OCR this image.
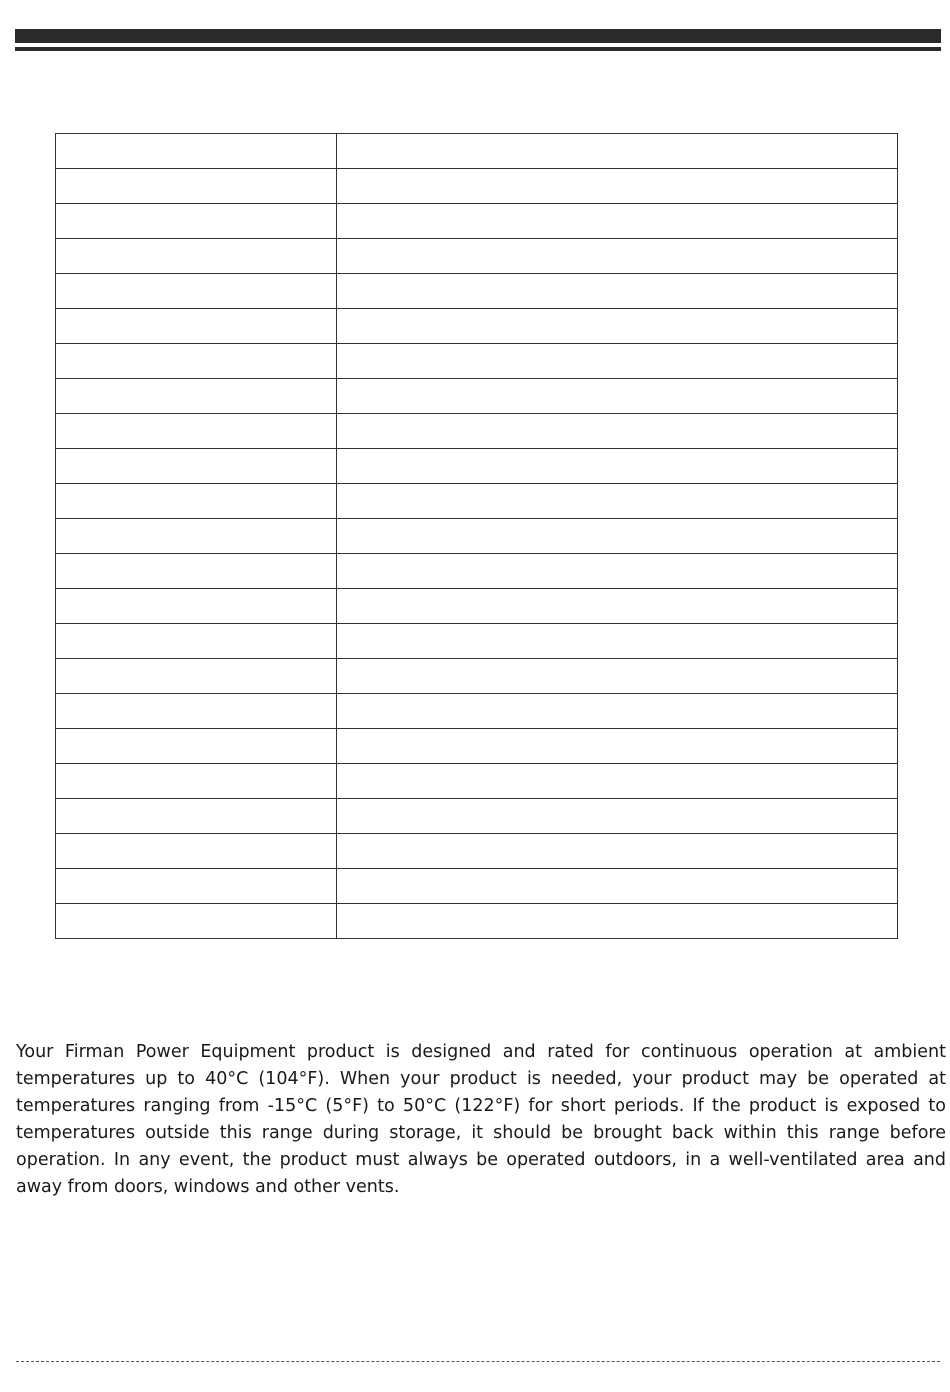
Your Firman Power Equipment product is designed and rated for continuous operation at ambient temperatures up to 40°C (104°F). When your product is needed, your product may be operated at temperatures ranging from -15°C (5°F) to 50°C (122°F) for short periods. If the product is exposed to temperatures outside this range during storage, it should be brought back within this range before operation. In any event, the product must always be operated outdoors, in a well-ventilated area and away from doors, windows and other vents.
